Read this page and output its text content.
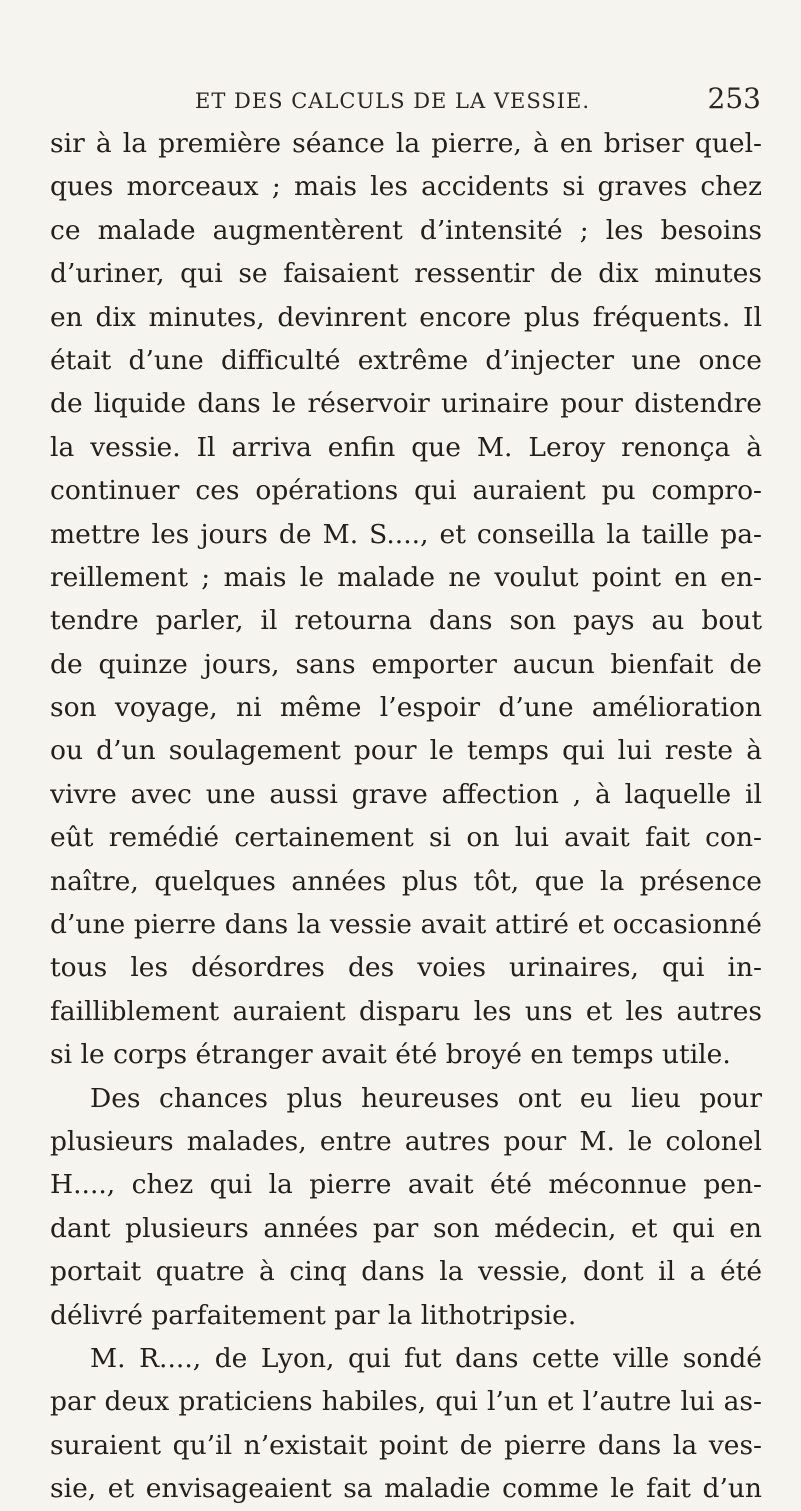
ET DES CALCULS DE LA VESSIE.	253
sir à la première séance la pierre, à en briser quel-
ques morceaux ; mais les accidents si graves chez
ce malade augmentèrent d’intensité ; les besoins
d’uriner, qui se faisaient ressentir de dix minutes
en dix minutes, devinrent encore plus fréquents. Il
était d’une difficulté extrême d’injecter une once
de liquide dans le réservoir urinaire pour distendre
la vessie. Il arriva enfin que M. Leroy renonça à
continuer ces opérations qui auraient pu compro-
mettre les jours de M. S...., et conseilla la taille pa-
reillement ; mais le malade ne voulut point en en-
tendre parler, il retourna dans son pays au bout
de quinze jours, sans emporter aucun bienfait de
son voyage, ni même l’espoir d’une amélioration
ou d’un soulagement pour le temps qui lui reste à
vivre avec une aussi grave affection , à laquelle il
eût remédié certainement si on lui avait fait con-
naître, quelques années plus tôt, que la présence
d’une pierre dans la vessie avait attiré et occasionné
tous les désordres des voies urinaires, qui in-
failliblement auraient disparu les uns et les autres
si le corps étranger avait été broyé en temps utile.
Des chances plus heureuses ont eu lieu pour
plusieurs malades, entre autres pour M. le colonel
H...., chez qui la pierre avait été méconnue pen-
dant plusieurs années par son médecin, et qui en
portait quatre à cinq dans la vessie, dont il a été
délivré parfaitement par la lithotripsie.
M. R...., de Lyon, qui fut dans cette ville sondé
par deux praticiens habiles, qui l’un et l’autre lui as-
suraient qu’il n’existait point de pierre dans la ves-
sie, et envisageaient sa maladie comme le fait d’un
